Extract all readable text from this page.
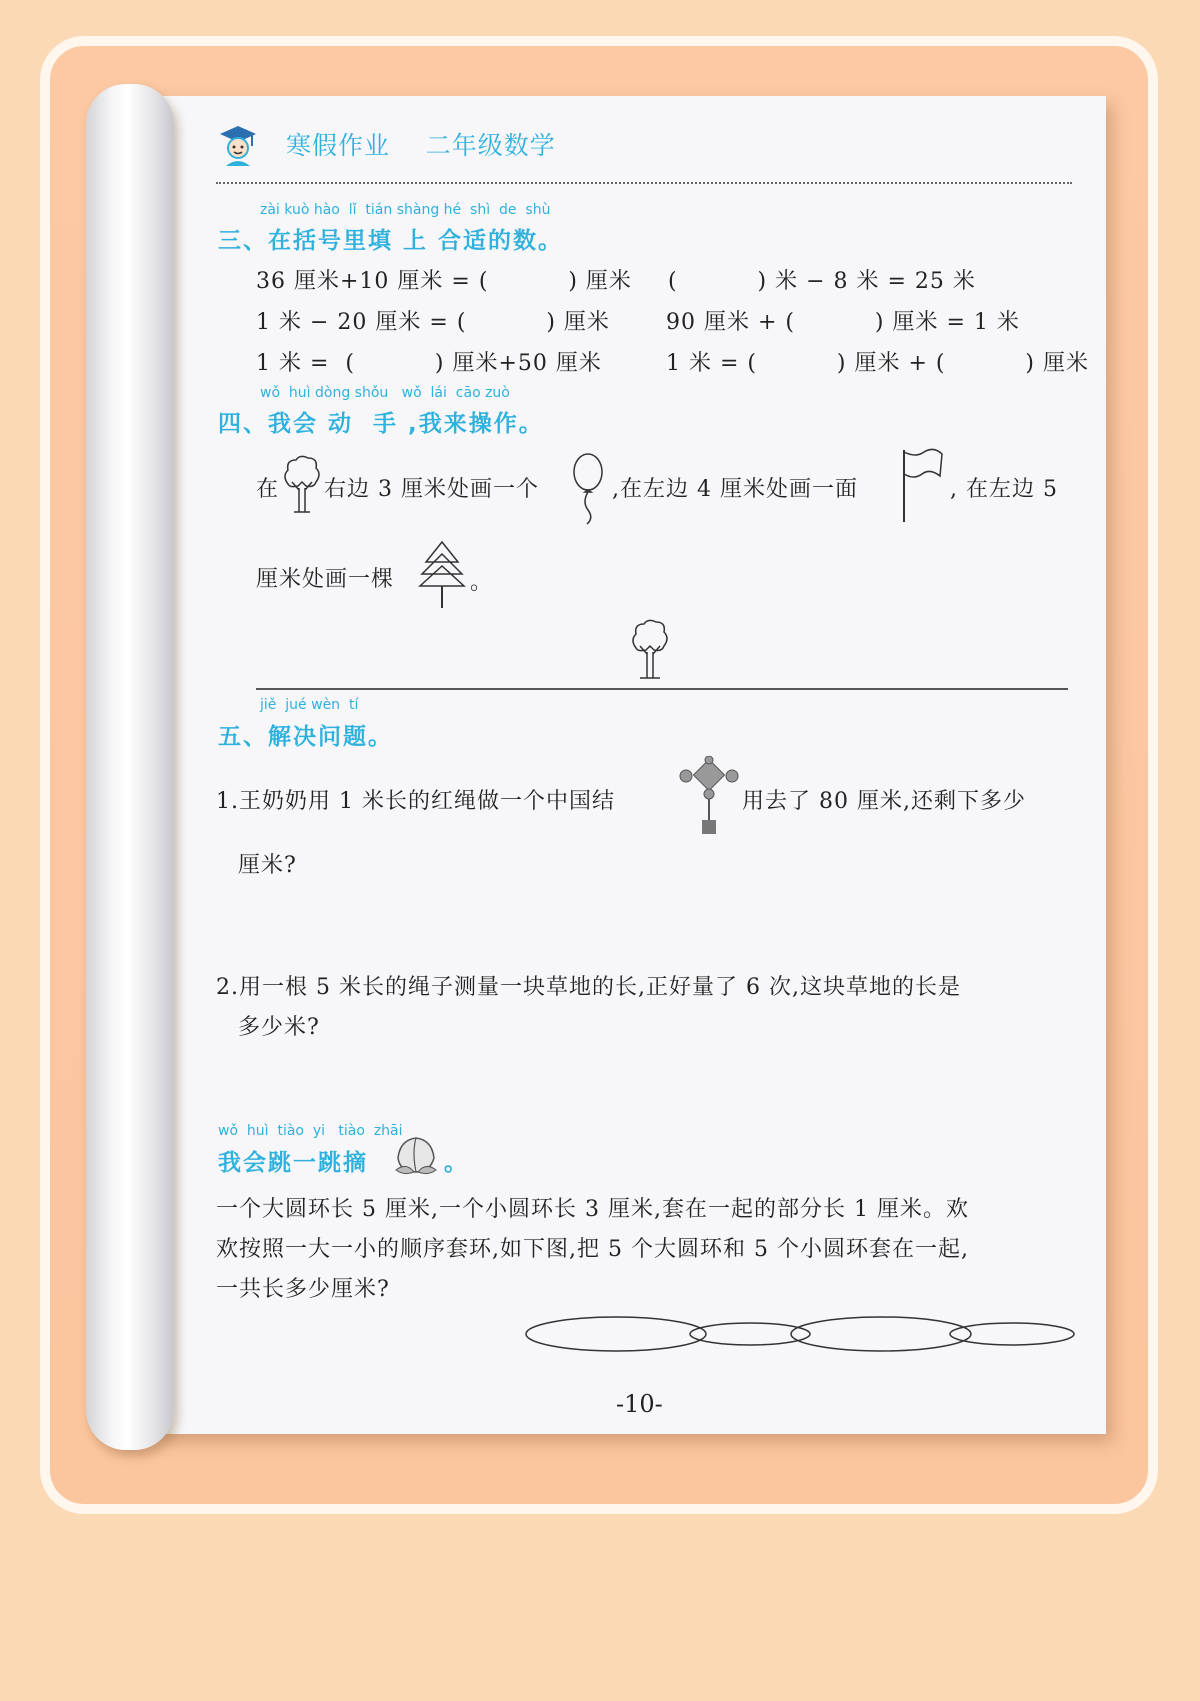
寒假作业    二年级数学
zài kuò hào  lǐ  tián shàng hé  shì  de  shù
三、在括号里填 上 合适的数。
36 厘米+10 厘米 = (          ) 厘米 (          ) 米 − 8 米 = 25 米
1 米 − 20 厘米 = (          ) 厘米	90 厘米 + (          ) 厘米 = 1 米
1 米 =  (          ) 厘米+50 厘米	1 米 = (          ) 厘米 + (          ) 厘米
wǒ  huì dòng shǒu   wǒ  lái  cāo zuò
四、我会 动  手 ,我来操作。
在 右边 3 厘米处画一个	,在左边 4 厘米处画一面	, 在左边 5
厘米处画一棵	。
jiě  jué wèn  tí
五、解决问题。
1.王奶奶用 1 米长的红绳做一个中国结	用去了 80 厘米,还剩下多少
厘米?
2.用一根 5 米长的绳子测量一块草地的长,正好量了 6 次,这块草地的长是
多少米?
wǒ  huì  tiào  yi   tiào  zhāi
我会跳一跳摘	。
一个大圆环长 5 厘米,一个小圆环长 3 厘米,套在一起的部分长 1 厘米。欢
欢按照一大一小的顺序套环,如下图,把 5 个大圆环和 5 个小圆环套在一起,
一共长多少厘米?
-10-
